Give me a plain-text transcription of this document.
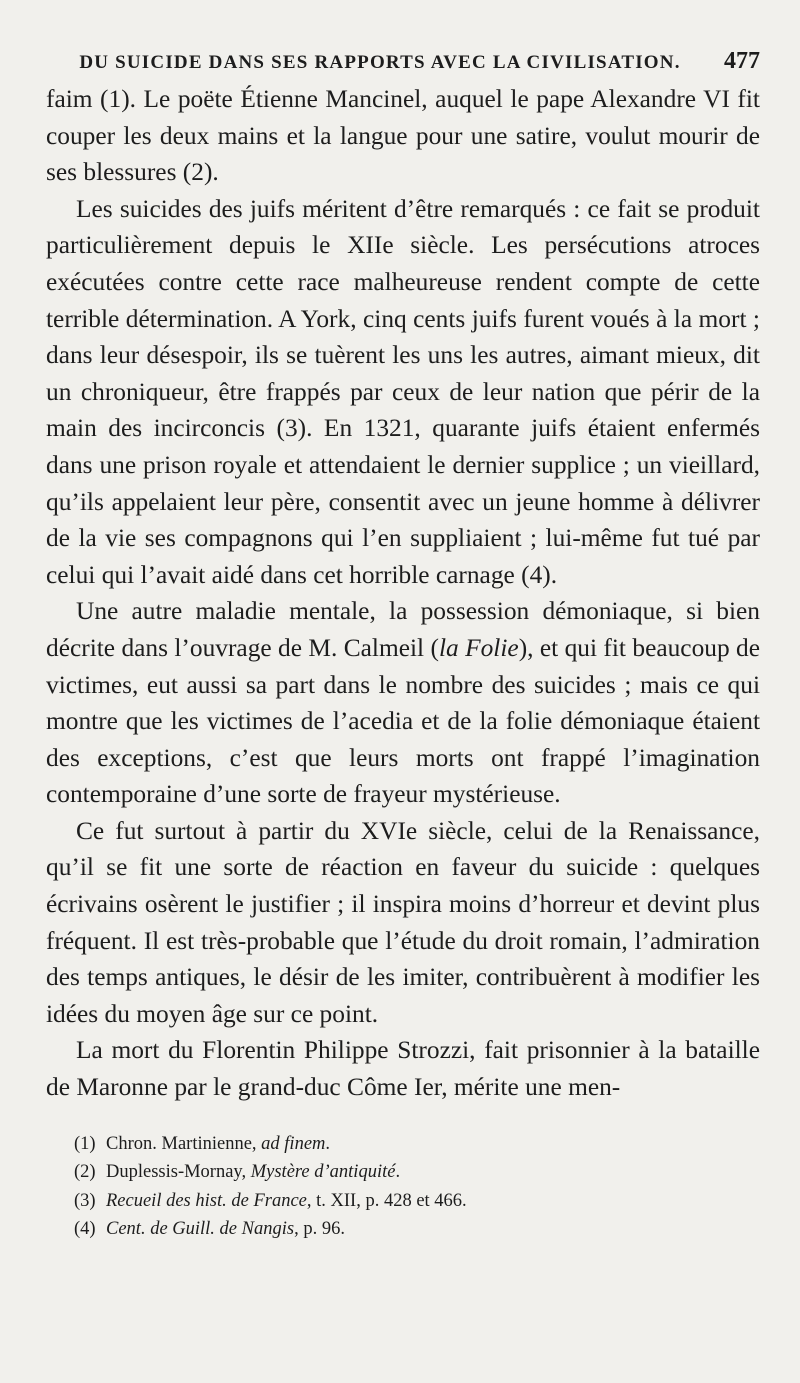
DU SUICIDE DANS SES RAPPORTS AVEC LA CIVILISATION.	477

faim (1). Le poëte Étienne Mancinel, auquel le pape Alexandre VI fit couper les deux mains et la langue pour une satire, voulut mourir de ses blessures (2).

Les suicides des juifs méritent d’être remarqués : ce fait se produit particulièrement depuis le XIIe siècle. Les persécutions atroces exécutées contre cette race malheureuse rendent compte de cette terrible détermination. A York, cinq cents juifs furent voués à la mort ; dans leur désespoir, ils se tuèrent les uns les autres, aimant mieux, dit un chroniqueur, être frappés par ceux de leur nation que périr de la main des incirconcis (3). En 1321, quarante juifs étaient enfermés dans une prison royale et attendaient le dernier supplice ; un vieillard, qu’ils appelaient leur père, consentit avec un jeune homme à délivrer de la vie ses compagnons qui l’en suppliaient ; lui-même fut tué par celui qui l’avait aidé dans cet horrible carnage (4).

Une autre maladie mentale, la possession démoniaque, si bien décrite dans l’ouvrage de M. Calmeil (la Folie), et qui fit beaucoup de victimes, eut aussi sa part dans le nombre des suicides ; mais ce qui montre que les victimes de l’acedia et de la folie démoniaque étaient des exceptions, c’est que leurs morts ont frappé l’imagination contemporaine d’une sorte de frayeur mystérieuse.

Ce fut surtout à partir du XVIe siècle, celui de la Renaissance, qu’il se fit une sorte de réaction en faveur du suicide : quelques écrivains osèrent le justifier ; il inspira moins d’horreur et devint plus fréquent. Il est très-probable que l’étude du droit romain, l’admiration des temps antiques, le désir de les imiter, contribuèrent à modifier les idées du moyen âge sur ce point.

La mort du Florentin Philippe Strozzi, fait prisonnier à la bataille de Maronne par le grand-duc Côme Ier, mérite une men-

(1) Chron. Martinienne, ad finem.
(2) Duplessis-Mornay, Mystère d’antiquité.
(3) Recueil des hist. de France, t. XII, p. 428 et 466.
(4) Cent. de Guill. de Nangis, p. 96.
